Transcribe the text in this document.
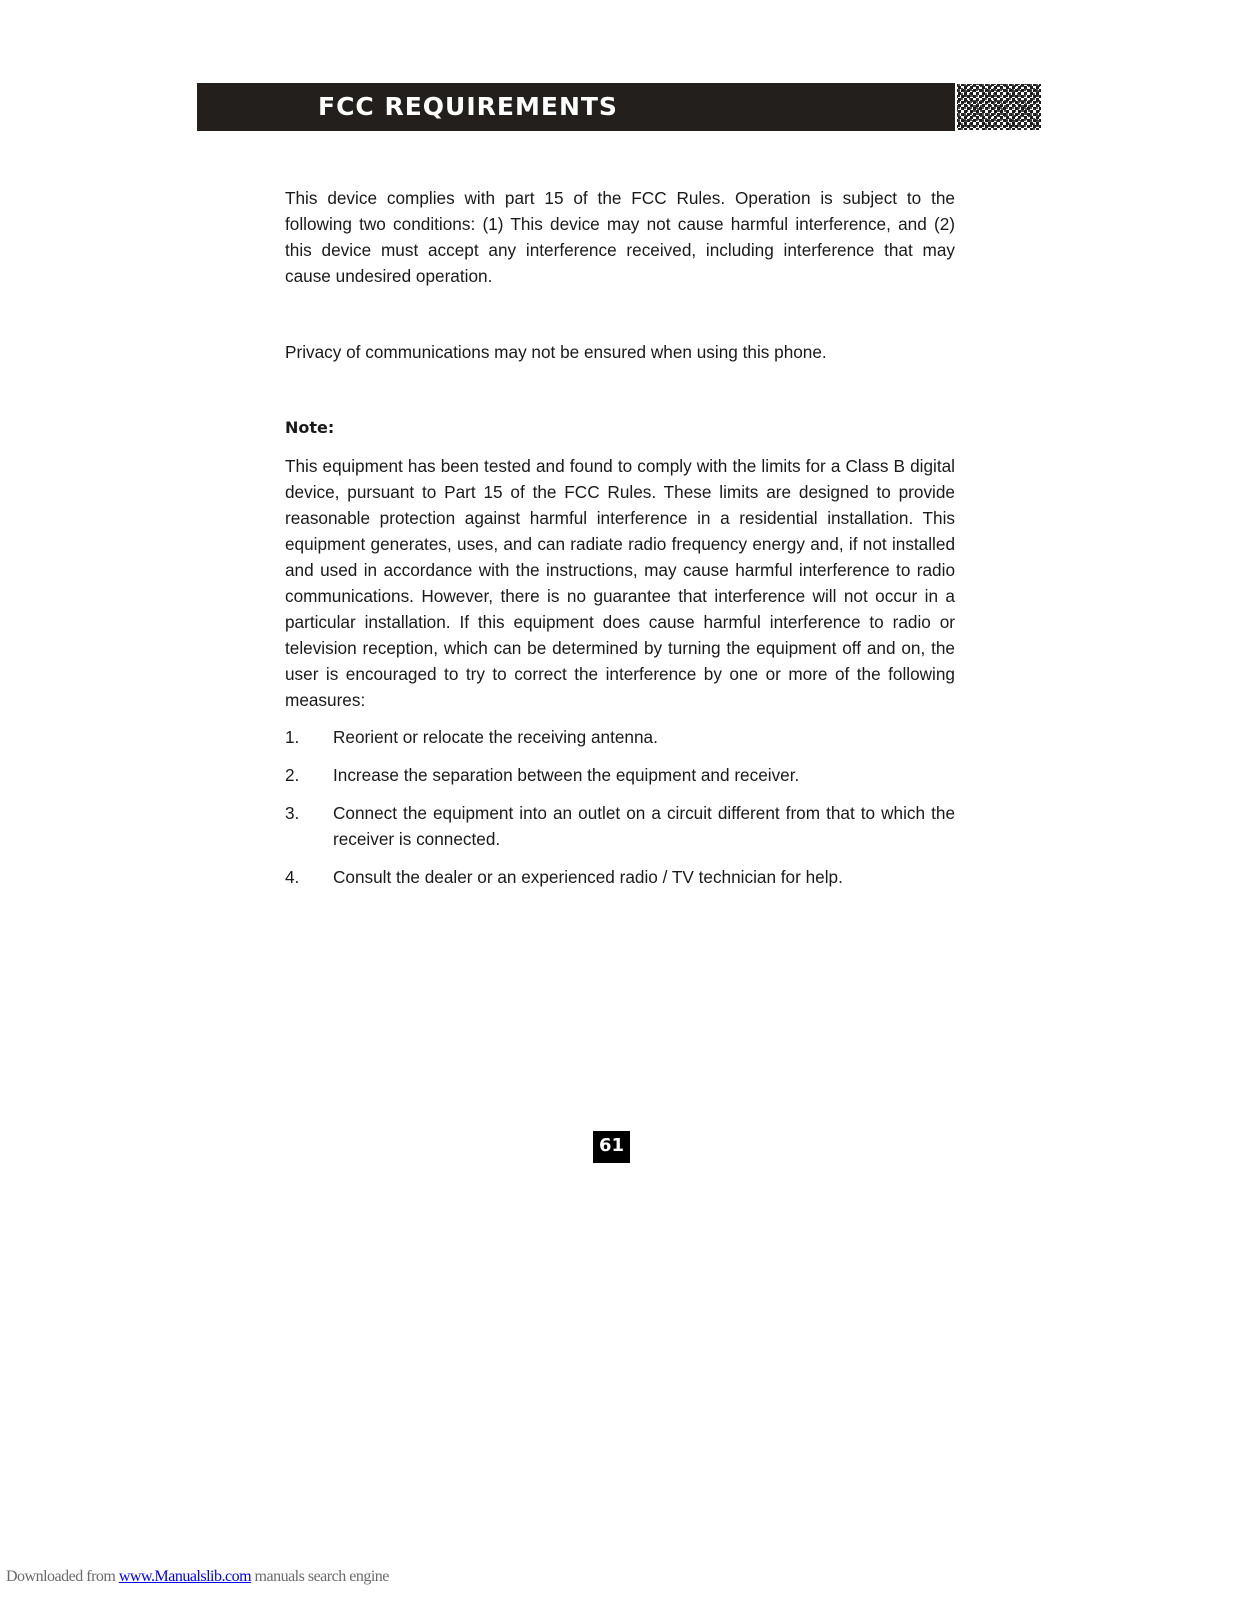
FCC REQUIREMENTS

This device complies with part 15 of the FCC Rules. Operation is subject to the following two conditions: (1) This device may not cause harmful interference, and (2) this device must accept any interference received, including interference that may cause undesired operation.

Privacy of communications may not be ensured when using this phone.

Note:

This equipment has been tested and found to comply with the limits for a Class B digital device, pursuant to Part 15 of the FCC Rules. These limits are designed to provide reasonable protection against harmful interference in a residential installation. This equipment generates, uses, and can radiate radio frequency energy and, if not installed and used in accordance with the instructions, may cause harmful interference to radio communications. However, there is no guarantee that interference will not occur in a particular installation. If this equipment does cause harmful interference to radio or television reception, which can be determined by turning the equipment off and on, the user is encouraged to try to correct the interference by one or more of the following measures:

1.	Reorient or relocate the receiving antenna.
2.	Increase the separation between the equipment and receiver.
3.	Connect the equipment into an outlet on a circuit different from that to which the receiver is connected.
4.	Consult the dealer or an experienced radio / TV technician for help.
61
Downloaded from www.Manualslib.com manuals search engine
